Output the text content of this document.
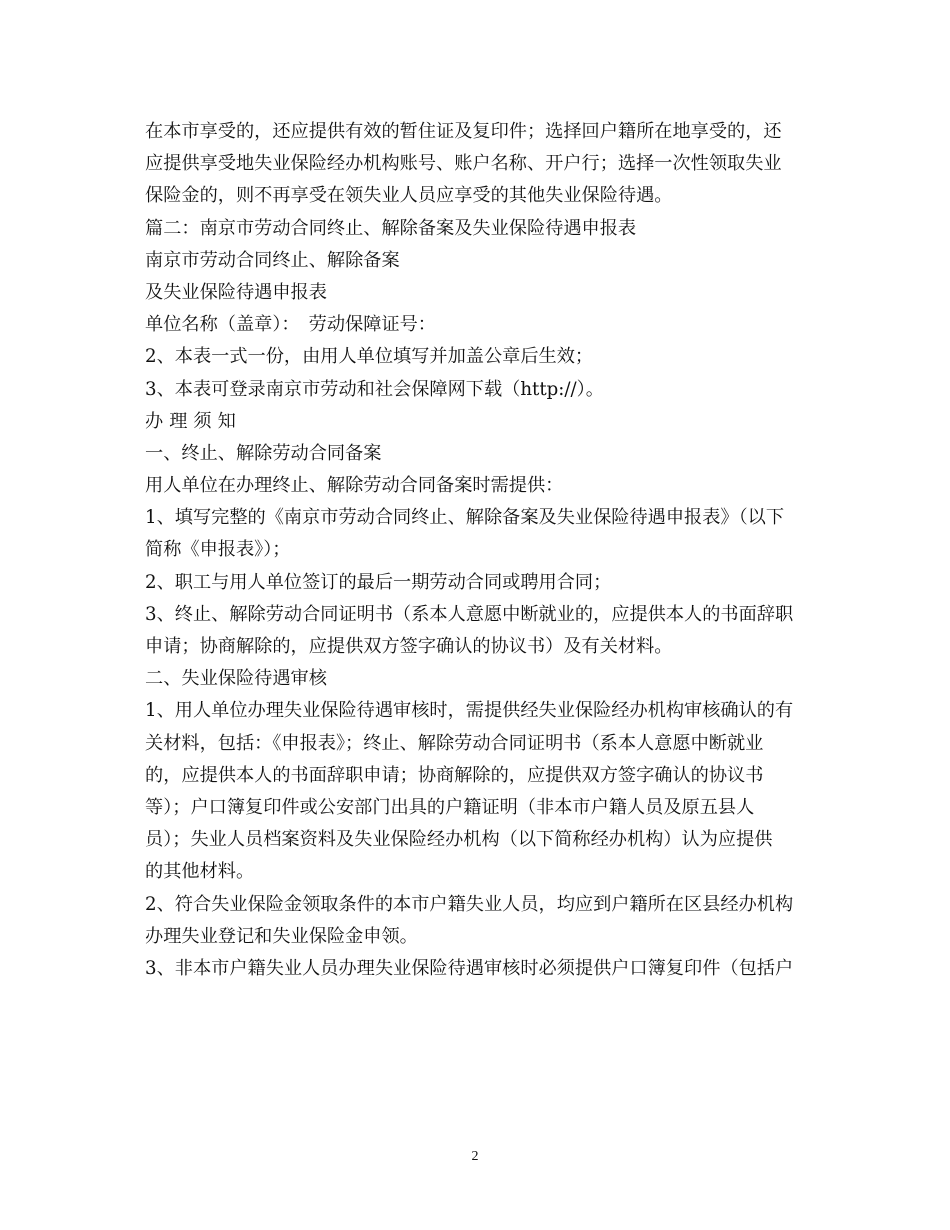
在本市享受的，还应提供有效的暂住证及复印件；选择回户籍所在地享受的，还
应提供享受地失业保险经办机构账号、账户名称、开户行；选择一次性领取失业
保险金的，则不再享受在领失业人员应享受的其他失业保险待遇。
篇二：南京市劳动合同终止、解除备案及失业保险待遇申报表
南京市劳动合同终止、解除备案
及失业保险待遇申报表
单位名称（盖章）：　劳动保障证号：
2、本表一式一份，由用人单位填写并加盖公章后生效；
3、本表可登录南京市劳动和社会保障网下载（http://）。
办理须知
一、终止、解除劳动合同备案
用人单位在办理终止、解除劳动合同备案时需提供：
1、填写完整的《南京市劳动合同终止、解除备案及失业保险待遇申报表》（以下
简称《申报表》）；
2、职工与用人单位签订的最后一期劳动合同或聘用合同；
3、终止、解除劳动合同证明书（系本人意愿中断就业的，应提供本人的书面辞职
申请；协商解除的，应提供双方签字确认的协议书）及有关材料。
二、失业保险待遇审核
1、用人单位办理失业保险待遇审核时，需提供经失业保险经办机构审核确认的有
关材料，包括：《申报表》；终止、解除劳动合同证明书（系本人意愿中断就业
的，应提供本人的书面辞职申请；协商解除的，应提供双方签字确认的协议书
等）；户口簿复印件或公安部门出具的户籍证明（非本市户籍人员及原五县人
员）；失业人员档案资料及失业保险经办机构（以下简称经办机构）认为应提供
的其他材料。
2、符合失业保险金领取条件的本市户籍失业人员，均应到户籍所在区县经办机构
办理失业登记和失业保险金申领。
3、非本市户籍失业人员办理失业保险待遇审核时必须提供户口簿复印件（包括户
2
